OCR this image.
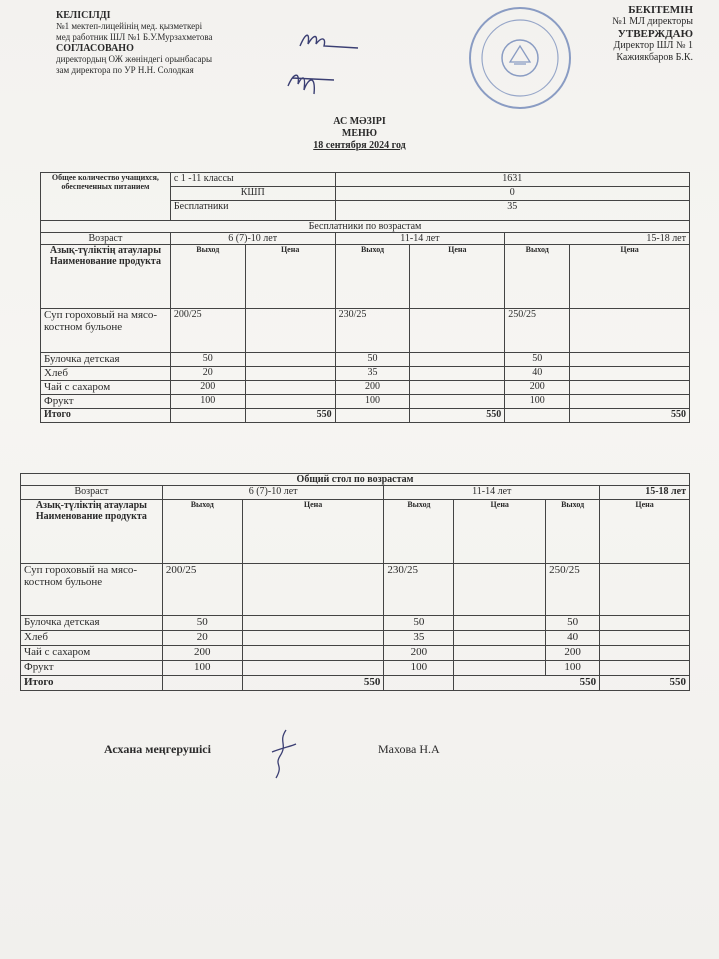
КЕЛІСІЛДІ
№1 мектеп-лицейінің мед. қызметкері
мед работник ШЛ №1 Б.У.Мурзахметова
СОГЛАСОВАНО
директордың ОЖ жөніндегі орынбасары
зам директора по УР Н.Н. Солодкая
БЕКІТЕМІН
№1 МЛ директоры
УТВЕРЖДАЮ
Директор ШЛ № 1
Кажиякбаров Б.К.
АС МӘЗІРІ
МЕНЮ
18 сентября 2024 год
Общее количество учащихся, обеспеченных питанием	с 1 -11 классы		1631			
	КШП		0			
	Бесплатники		35			
Бесплатники по возрастам						
Возраст	6 (7)-10 лет		11-14 лет		15-18 лет	
Азық-түліктің атаулары Наименование продукта	Выход	Цена	Выход	Цена	Выход	Цена
Суп гороховый на мясо-костном бульоне	200/25		230/25		250/25	
Булочка детская	50		50		50	
Хлеб	20		35		40	
Чай с сахаром	200		200		200	
Фрукт	100		100		100	
Итого		550		550		550
Общий стол по возрастам						
Возраст	6 (7)-10 лет		11-14 лет			15-18 лет
Азық-түліктің атаулары Наименование продукта	Выход	Цена	Выход	Цена	Выход	Цена
Суп гороховый на мясо-костном бульоне	200/25		230/25		250/25	
Булочка детская	50		50		50	
Хлеб	20		35		40	
Чай с сахаром	200		200		200	
Фрукт	100		100		100	
Итого		550		550		550
Асхана меңгерушісі	Махова Н.А
